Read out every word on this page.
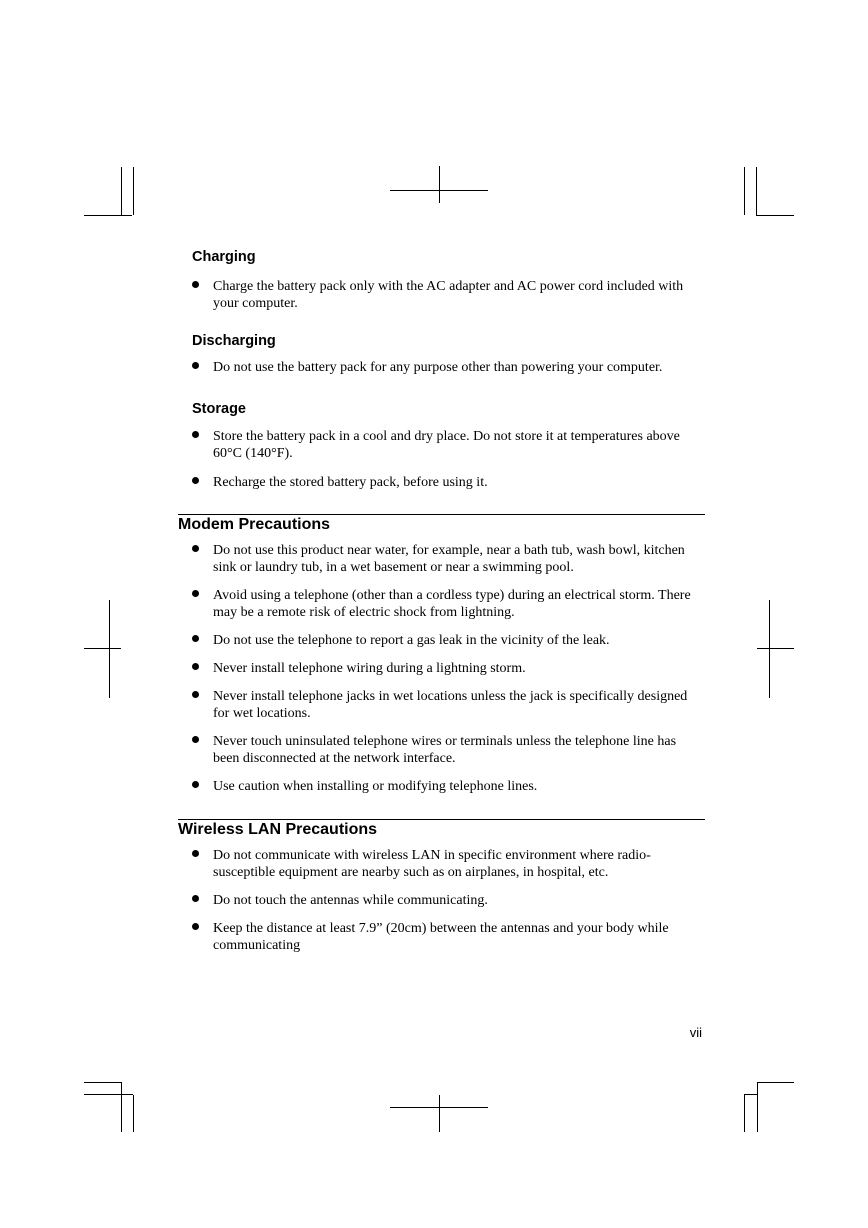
Charging
Charge the battery pack only with the AC adapter and AC power cord included with your computer.
Discharging
Do not use the battery pack for any purpose other than powering your computer.
Storage
Store the battery pack in a cool and dry place. Do not store it at temperatures above 60°C (140°F).
Recharge the stored battery pack, before using it.
Modem Precautions
Do not use this product near water, for example, near a bath tub, wash bowl, kitchen sink or laundry tub, in a wet basement or near a swimming pool.
Avoid using a telephone (other than a cordless type) during an electrical storm. There may be a remote risk of electric shock from lightning.
Do not use the telephone to report a gas leak in the vicinity of the leak.
Never install telephone wiring during a lightning storm.
Never install telephone jacks in wet locations unless the jack is specifically designed for wet locations.
Never touch uninsulated telephone wires or terminals unless the telephone line has been disconnected at the network interface.
Use caution when installing or modifying telephone lines.
Wireless LAN Precautions
Do not communicate with wireless LAN in specific environment where radio-susceptible equipment are nearby such as on airplanes, in hospital, etc.
Do not touch the antennas while communicating.
Keep the distance at least 7.9” (20cm) between the antennas and your body while communicating
vii
